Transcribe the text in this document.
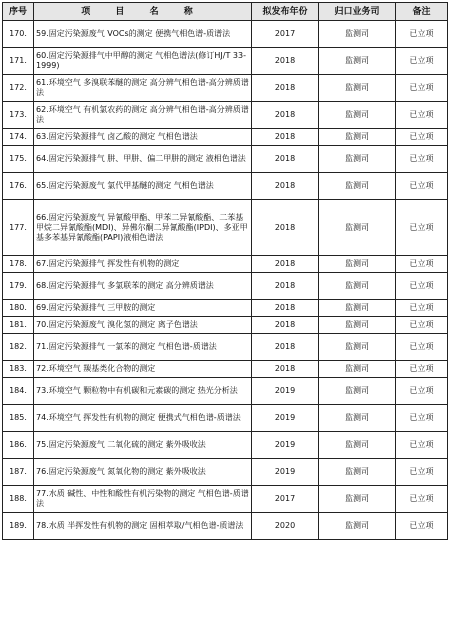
序号	项 目 名 称	拟发布年份	归口业务司	备注
170.	59.固定污染源废气 VOCs的测定 便携气相色谱-质谱法	2017	监测司	已立项
171.	60.固定污染源排气中甲醇的测定 气相色谱法(修订HJ/T 33-1999)	2018	监测司	已立项
172.	61.环境空气 多溴联苯醚的测定 高分辨气相色谱-高分辨质谱法	2018	监测司	已立项
173.	62.环境空气 有机氯农药的测定 高分辨气相色谱-高分辨质谱法	2018	监测司	已立项
174.	63.固定污染源排气 卤乙酸的测定 气相色谱法	2018	监测司	已立项
175.	64.固定污染源排气 肼、甲肼、偏二甲肼的测定 液相色谱法	2018	监测司	已立项
176.	65.固定污染源废气 氯代甲基醚的测定 气相色谱法	2018	监测司	已立项
177.	66.固定污染源废气 异氰酸甲酯、甲苯二异氰酸酯、二苯基甲烷二异氰酸酯(MDI)、异佛尔酮二异氰酸酯(IPDI)、多亚甲基多苯基异氰酸酯(PAPI)液相色谱法	2018	监测司	已立项
178.	67.固定污染源排气 挥发性有机物的测定	2018	监测司	已立项
179.	68.固定污染源排气 多氯联苯的测定 高分辨质谱法	2018	监测司	已立项
180.	69.固定污染源排气 三甲胺的测定	2018	监测司	已立项
181.	70.固定污染源废气 溴化氢的测定 离子色谱法	2018	监测司	已立项
182.	71.固定污染源排气 一氯苯的测定 气相色谱-质谱法	2018	监测司	已立项
183.	72.环境空气 羰基类化合物的测定	2018	监测司	已立项
184.	73.环境空气 颗粒物中有机碳和元素碳的测定 热光分析法	2019	监测司	已立项
185.	74.环境空气 挥发性有机物的测定 便携式气相色谱-质谱法	2019	监测司	已立项
186.	75.固定污染源废气 二氧化硫的测定 紫外吸收法	2019	监测司	已立项
187.	76.固定污染源废气 氮氧化物的测定 紫外吸收法	2019	监测司	已立项
188.	77.水质 碱性、中性和酸性有机污染物的测定 气相色谱-质谱法	2017	监测司	已立项
189.	78.水质 半挥发性有机物的测定 固相萃取/气相色谱-质谱法	2020	监测司	已立项
